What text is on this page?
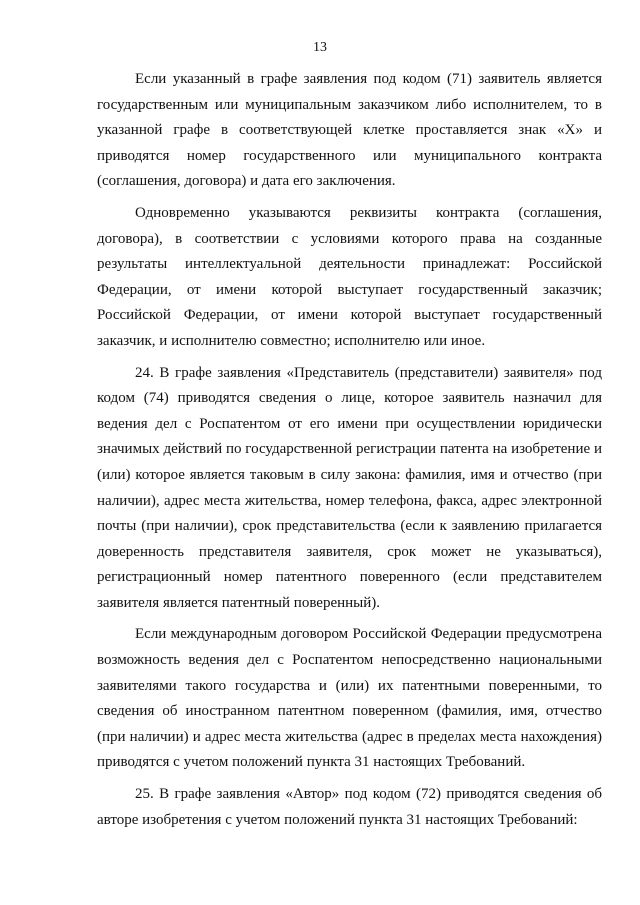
13

Если указанный в графе заявления под кодом (71) заявитель является государственным или муниципальным заказчиком либо исполнителем, то в указанной графе в соответствующей клетке проставляется знак «Х» и приводятся номер государственного или муниципального контракта (соглашения, договора) и дата его заключения.

Одновременно указываются реквизиты контракта (соглашения, договора), в соответствии с условиями которого права на созданные результаты интеллектуальной деятельности принадлежат: Российской Федерации, от имени которой выступает государственный заказчик; Российской Федерации, от имени которой выступает государственный заказчик, и исполнителю совместно; исполнителю или иное.

24. В графе заявления «Представитель (представители) заявителя» под кодом (74) приводятся сведения о лице, которое заявитель назначил для ведения дел с Роспатентом от его имени при осуществлении юридически значимых действий по государственной регистрации патента на изобретение и (или) которое является таковым в силу закона: фамилия, имя и отчество (при наличии), адрес места жительства, номер телефона, факса, адрес электронной почты (при наличии), срок представительства (если к заявлению прилагается доверенность представителя заявителя, срок может не указываться), регистрационный номер патентного поверенного (если представителем заявителя является патентный поверенный).

Если международным договором Российской Федерации предусмотрена возможность ведения дел с Роспатентом непосредственно национальными заявителями такого государства и (или) их патентными поверенными, то сведения об иностранном патентном поверенном (фамилия, имя, отчество (при наличии) и адрес места жительства (адрес в пределах места нахождения) приводятся с учетом положений пункта 31 настоящих Требований.

25. В графе заявления «Автор» под кодом (72) приводятся сведения об авторе изобретения с учетом положений пункта 31 настоящих Требований:
